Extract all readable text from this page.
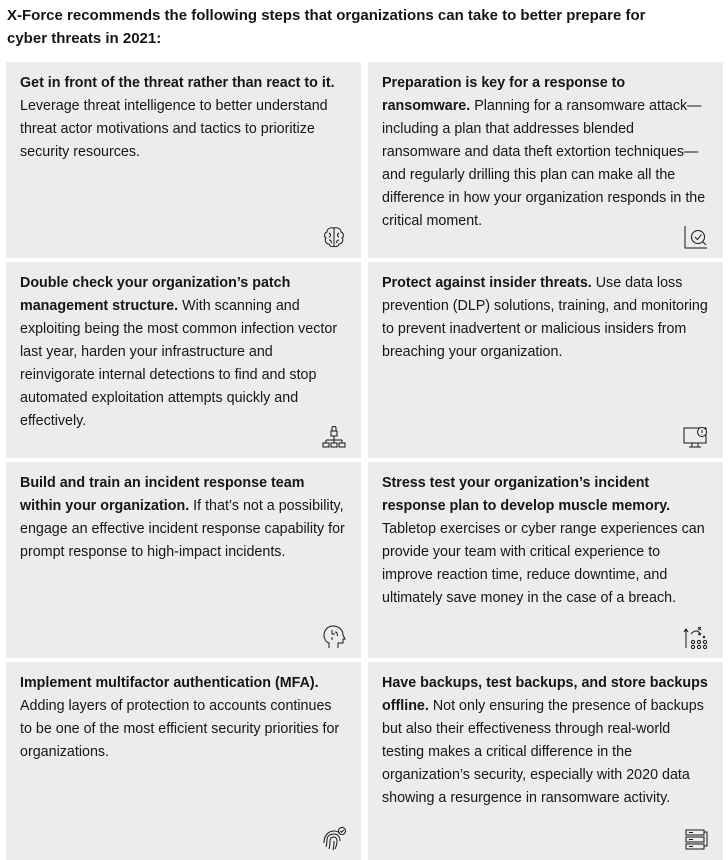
X-Force recommends the following steps that organizations can take to better prepare for cyber threats in 2021:
Get in front of the threat rather than react to it. Leverage threat intelligence to better understand threat actor motivations and tactics to prioritize security resources.
Preparation is key for a response to ransomware. Planning for a ransomware attack—including a plan that addresses blended ransomware and data theft extortion techniques—and regularly drilling this plan can make all the difference in how your organization responds in the critical moment.
Double check your organization’s patch management structure. With scanning and exploiting being the most common infection vector last year, harden your infrastructure and reinvigorate internal detections to find and stop automated exploitation attempts quickly and effectively.
Protect against insider threats. Use data loss prevention (DLP) solutions, training, and monitoring to prevent inadvertent or malicious insiders from breaching your organization.
Build and train an incident response team within your organization. If that’s not a possibility, engage an effective incident response capability for prompt response to high-impact incidents.
Stress test your organization’s incident response plan to develop muscle memory. Tabletop exercises or cyber range experiences can provide your team with critical experience to improve reaction time, reduce downtime, and ultimately save money in the case of a breach.
Implement multifactor authentication (MFA). Adding layers of protection to accounts continues to be one of the most efficient security priorities for organizations.
Have backups, test backups, and store backups offline. Not only ensuring the presence of backups but also their effectiveness through real-world testing makes a critical difference in the organization’s security, especially with 2020 data showing a resurgence in ransomware activity.
